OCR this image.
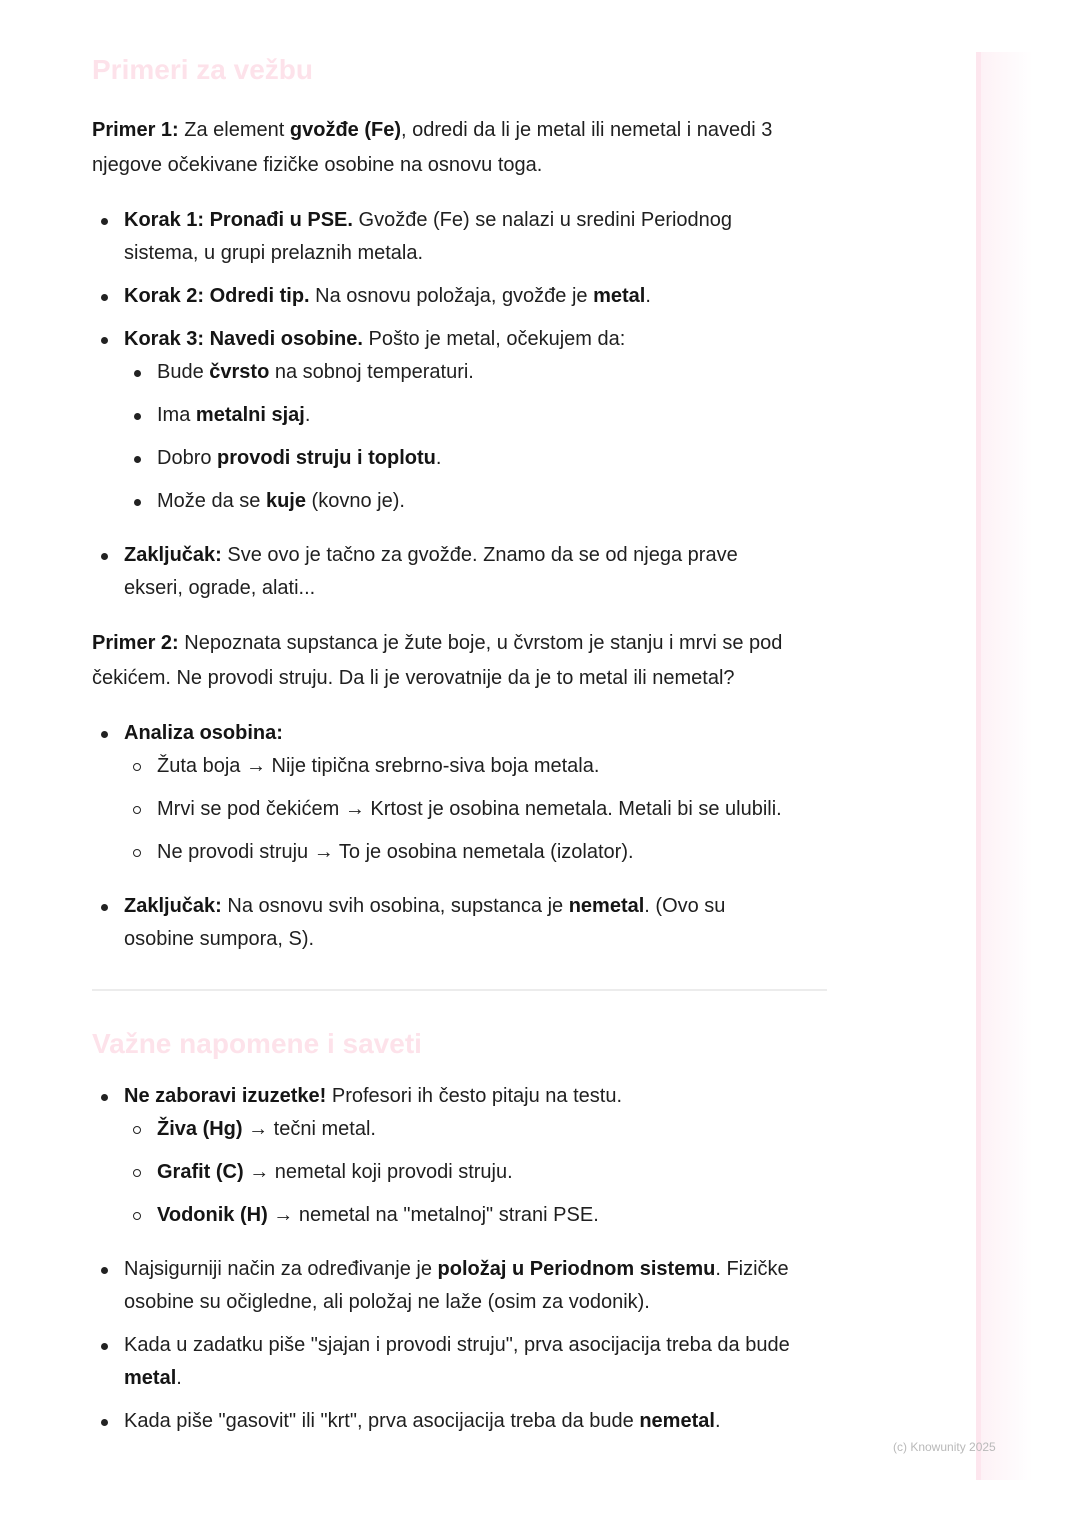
Primeri za vežbu

Primer 1: Za element gvožđe (Fe), odredi da li je metal ili nemetal i navedi 3 njegove očekivane fizičke osobine na osnovu toga.

Korak 1: Pronađi u PSE. Gvožđe (Fe) se nalazi u sredini Periodnog sistema, u grupi prelaznih metala.
Korak 2: Odredi tip. Na osnovu položaja, gvožđe je metal.
Korak 3: Navedi osobine. Pošto je metal, očekujem da:
Bude čvrsto na sobnoj temperaturi.
Ima metalni sjaj.
Dobro provodi struju i toplotu.
Može da se kuje (kovno je).
Zaključak: Sve ovo je tačno za gvožđe. Znamo da se od njega prave ekseri, ograde, alati...

Primer 2: Nepoznata supstanca je žute boje, u čvrstom je stanju i mrvi se pod čekićem. Ne provodi struju. Da li je verovatnije da je to metal ili nemetal?

Analiza osobina:
Žuta boja → Nije tipična srebrno-siva boja metala.
Mrvi se pod čekićem → Krtost je osobina nemetala. Metali bi se ulubili.
Ne provodi struju → To je osobina nemetala (izolator).
Zaključak: Na osnovu svih osobina, supstanca je nemetal. (Ovo su osobine sumpora, S).
Važne napomene i saveti
Ne zaboravi izuzetke! Profesori ih često pitaju na testu.
Živa (Hg) → tečni metal.
Grafit (C) → nemetal koji provodi struju.
Vodonik (H) → nemetal na "metalnoj" strani PSE.
Najsigurniji način za određivanje je položaj u Periodnom sistemu. Fizičke osobine su očigledne, ali položaj ne laže (osim za vodonik).
Kada u zadatku piše "sjajan i provodi struju", prva asocijacija treba da bude metal.
Kada piše "gasovit" ili "krt", prva asocijacija treba da bude nemetal.
(c) Knowunity 2025
